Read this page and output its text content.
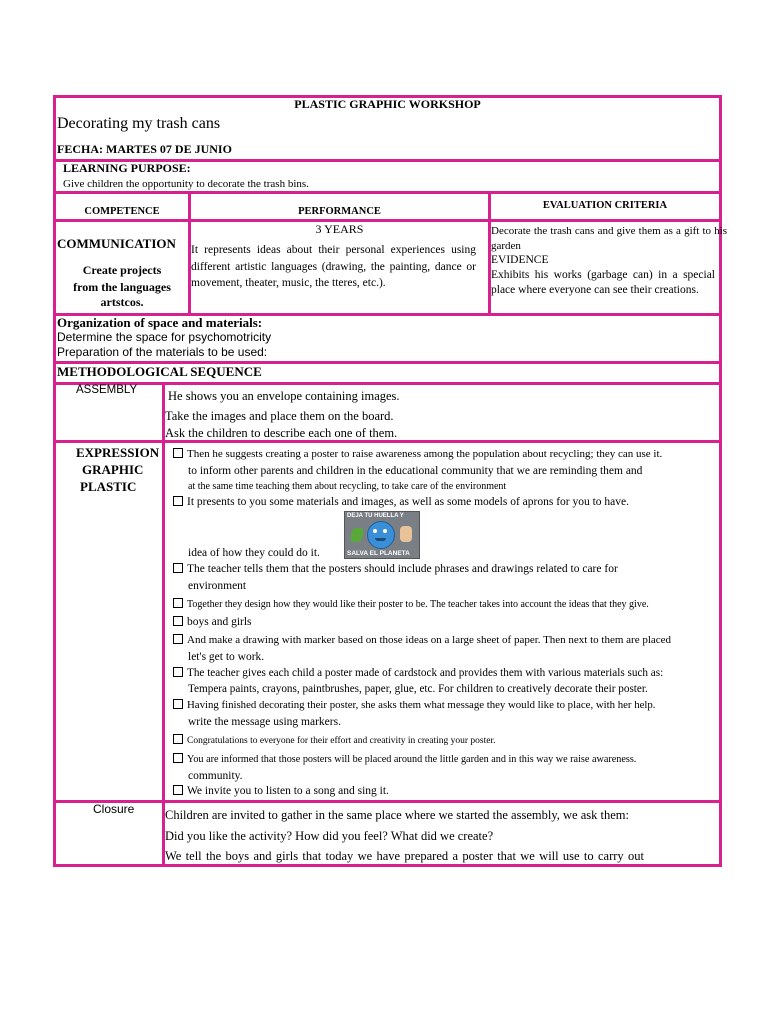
PLASTIC GRAPHIC WORKSHOP
Decorating my trash cans
FECHA: MARTES 07 DE JUNIO
LEARNING PURPOSE:
Give children the opportunity to decorate the trash bins.
COMPETENCE	PERFORMANCE
EVALUATION CRITERIA
COMMUNICATION
Create projects
from the languages
artstcos.
3 YEARS
It represents ideas about their personal experiences using different artistic languages (drawing, the painting, dance or movement, theater, music, the tteres, etc.).
Decorate the trash cans and give them as a gift to his garden
EVIDENCE
Exhibits his works (garbage can) in a special place where everyone can see their creations.
Organization of space and materials:
Determine the space for psychomotricity
Preparation of the materials to be used:
METHODOLOGICAL SEQUENCE
ASSEMBLY He shows you an envelope containing images.
Take the images and place them on the board.
Ask the children to describe each one of them.
EXPRESSION
GRAPHIC
PLASTIC
Then he suggests creating a poster to raise awareness among the population about recycling; they can use it.
to inform other parents and children in the educational community that we are reminding them and
at the same time teaching them about recycling, to take care of the environment
It presents to you some materials and images, as well as some models of aprons for you to have.
DEJA TU HUELLA Y
SALVA EL PLANETA
idea of how they could do it.
The teacher tells them that the posters should include phrases and drawings related to care for
environment
Together they design how they would like their poster to be. The teacher takes into account the ideas that they give.
boys and girls
And make a drawing with marker based on those ideas on a large sheet of paper. Then next to them are placed
let's get to work.
The teacher gives each child a poster made of cardstock and provides them with various materials such as:
Tempera paints, crayons, paintbrushes, paper, glue, etc. For children to creatively decorate their poster.
Having finished decorating their poster, she asks them what message they would like to place, with her help.
write the message using markers.
Congratulations to everyone for their effort and creativity in creating your poster.
You are informed that those posters will be placed around the little garden and in this way we raise awareness.
community.
We invite you to listen to a song and sing it.
Closure Children are invited to gather in the same place where we started the assembly, we ask them:
Did you like the activity? How did you feel? What did we create?
We tell the boys and girls that today we have prepared a poster that we will use to carry out
